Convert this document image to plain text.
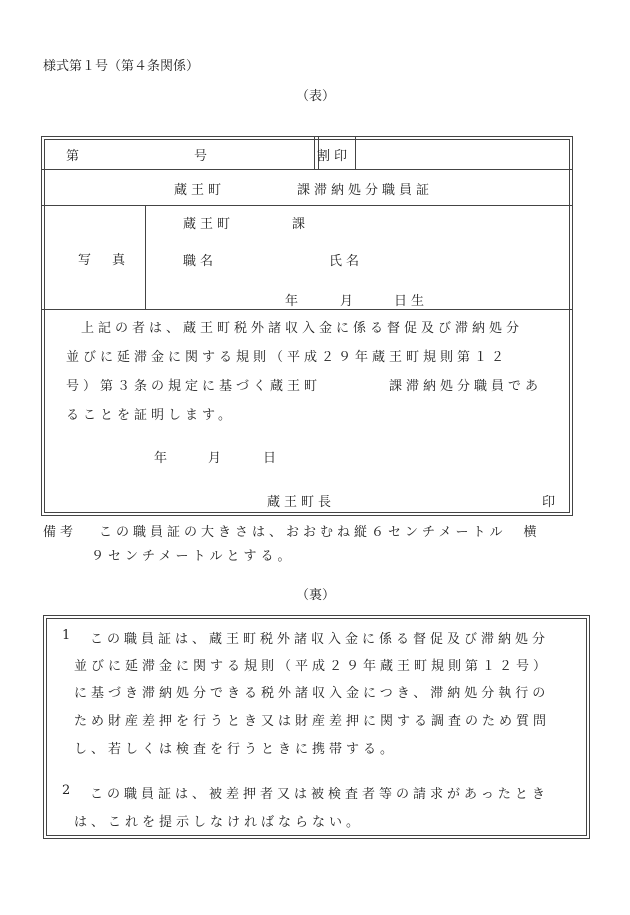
様式第１号（第４条関係）
（表）
第	号	割印
蔵王町	課滞納処分職員証
写　真
蔵王町	課
職名	氏名
年	月	日生
上記の者は、蔵王町税外諸収入金に係る督促及び滞納処分
並びに延滞金に関する規則（平成２９年蔵王町規則第１２
号）第３条の規定に基づく蔵王町	課滞納処分職員であ
ることを証明します。
年	月	日
蔵王町長	印
備考 この職員証の大きさは、おおむね縦６センチメートル　横
９センチメートルとする。
（裏）
1 この職員証は、蔵王町税外諸収入金に係る督促及び滞納処分
並びに延滞金に関する規則（平成２９年蔵王町規則第１２号）
に基づき滞納処分できる税外諸収入金につき、滞納処分執行の
ため財産差押を行うとき又は財産差押に関する調査のため質問
し、若しくは検査を行うときに携帯する。
2 この職員証は、被差押者又は被検査者等の請求があったとき
は、これを提示しなければならない。
